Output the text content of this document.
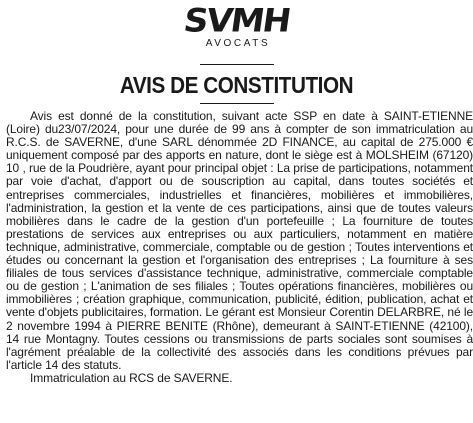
SVMH
AVOCATS
AVIS DE CONSTITUTION

Avis est donné de la constitution, suivant acte SSP en date à SAINT-ETIENNE (Loire) du23/07/2024, pour une durée de 99 ans à compter de son immatriculation au R.C.S. de SAVERNE, d'une SARL dénommée 2D FINANCE, au capital de 275.000 € uniquement composé par des apports en nature, dont le siège est à MOLSHEIM (67120) 10 , rue de la Poudrière, ayant pour principal objet : La prise de participations, notamment par voie d'achat, d'apport ou de souscription au capital, dans toutes sociétés et entreprises commerciales, industrielles et financières, mobilières et immobilières, l'administration, la gestion et la vente de ces participations, ainsi que de toutes valeurs mobilières dans le cadre de la gestion d'un portefeuille ; La fourniture de toutes prestations de services aux entreprises ou aux particuliers, notamment en matière technique, administrative, commerciale, comptable ou de gestion ; Toutes interventions et études ou concernant la gestion et l'organisation des entreprises ; La fourniture à ses filiales de tous services d'assistance technique, administrative, commerciale comptable ou de gestion ; L'animation de ses filiales ; Toutes opérations financières, mobilières ou immobilières ; création graphique, communication, publicité, édition, publication, achat et vente d'objets publicitaires, formation. Le gérant est Monsieur Corentin DELARBRE, né le 2 novembre 1994 à PIERRE BENITE (Rhône), demeurant à SAINT-ETIENNE (42100), 14 rue Montagny. Toutes cessions ou transmissions de parts sociales sont soumises à l'agrément préalable de la collectivité des associés dans les conditions prévues par l'article 14 des statuts.

Immatriculation au RCS de SAVERNE.
